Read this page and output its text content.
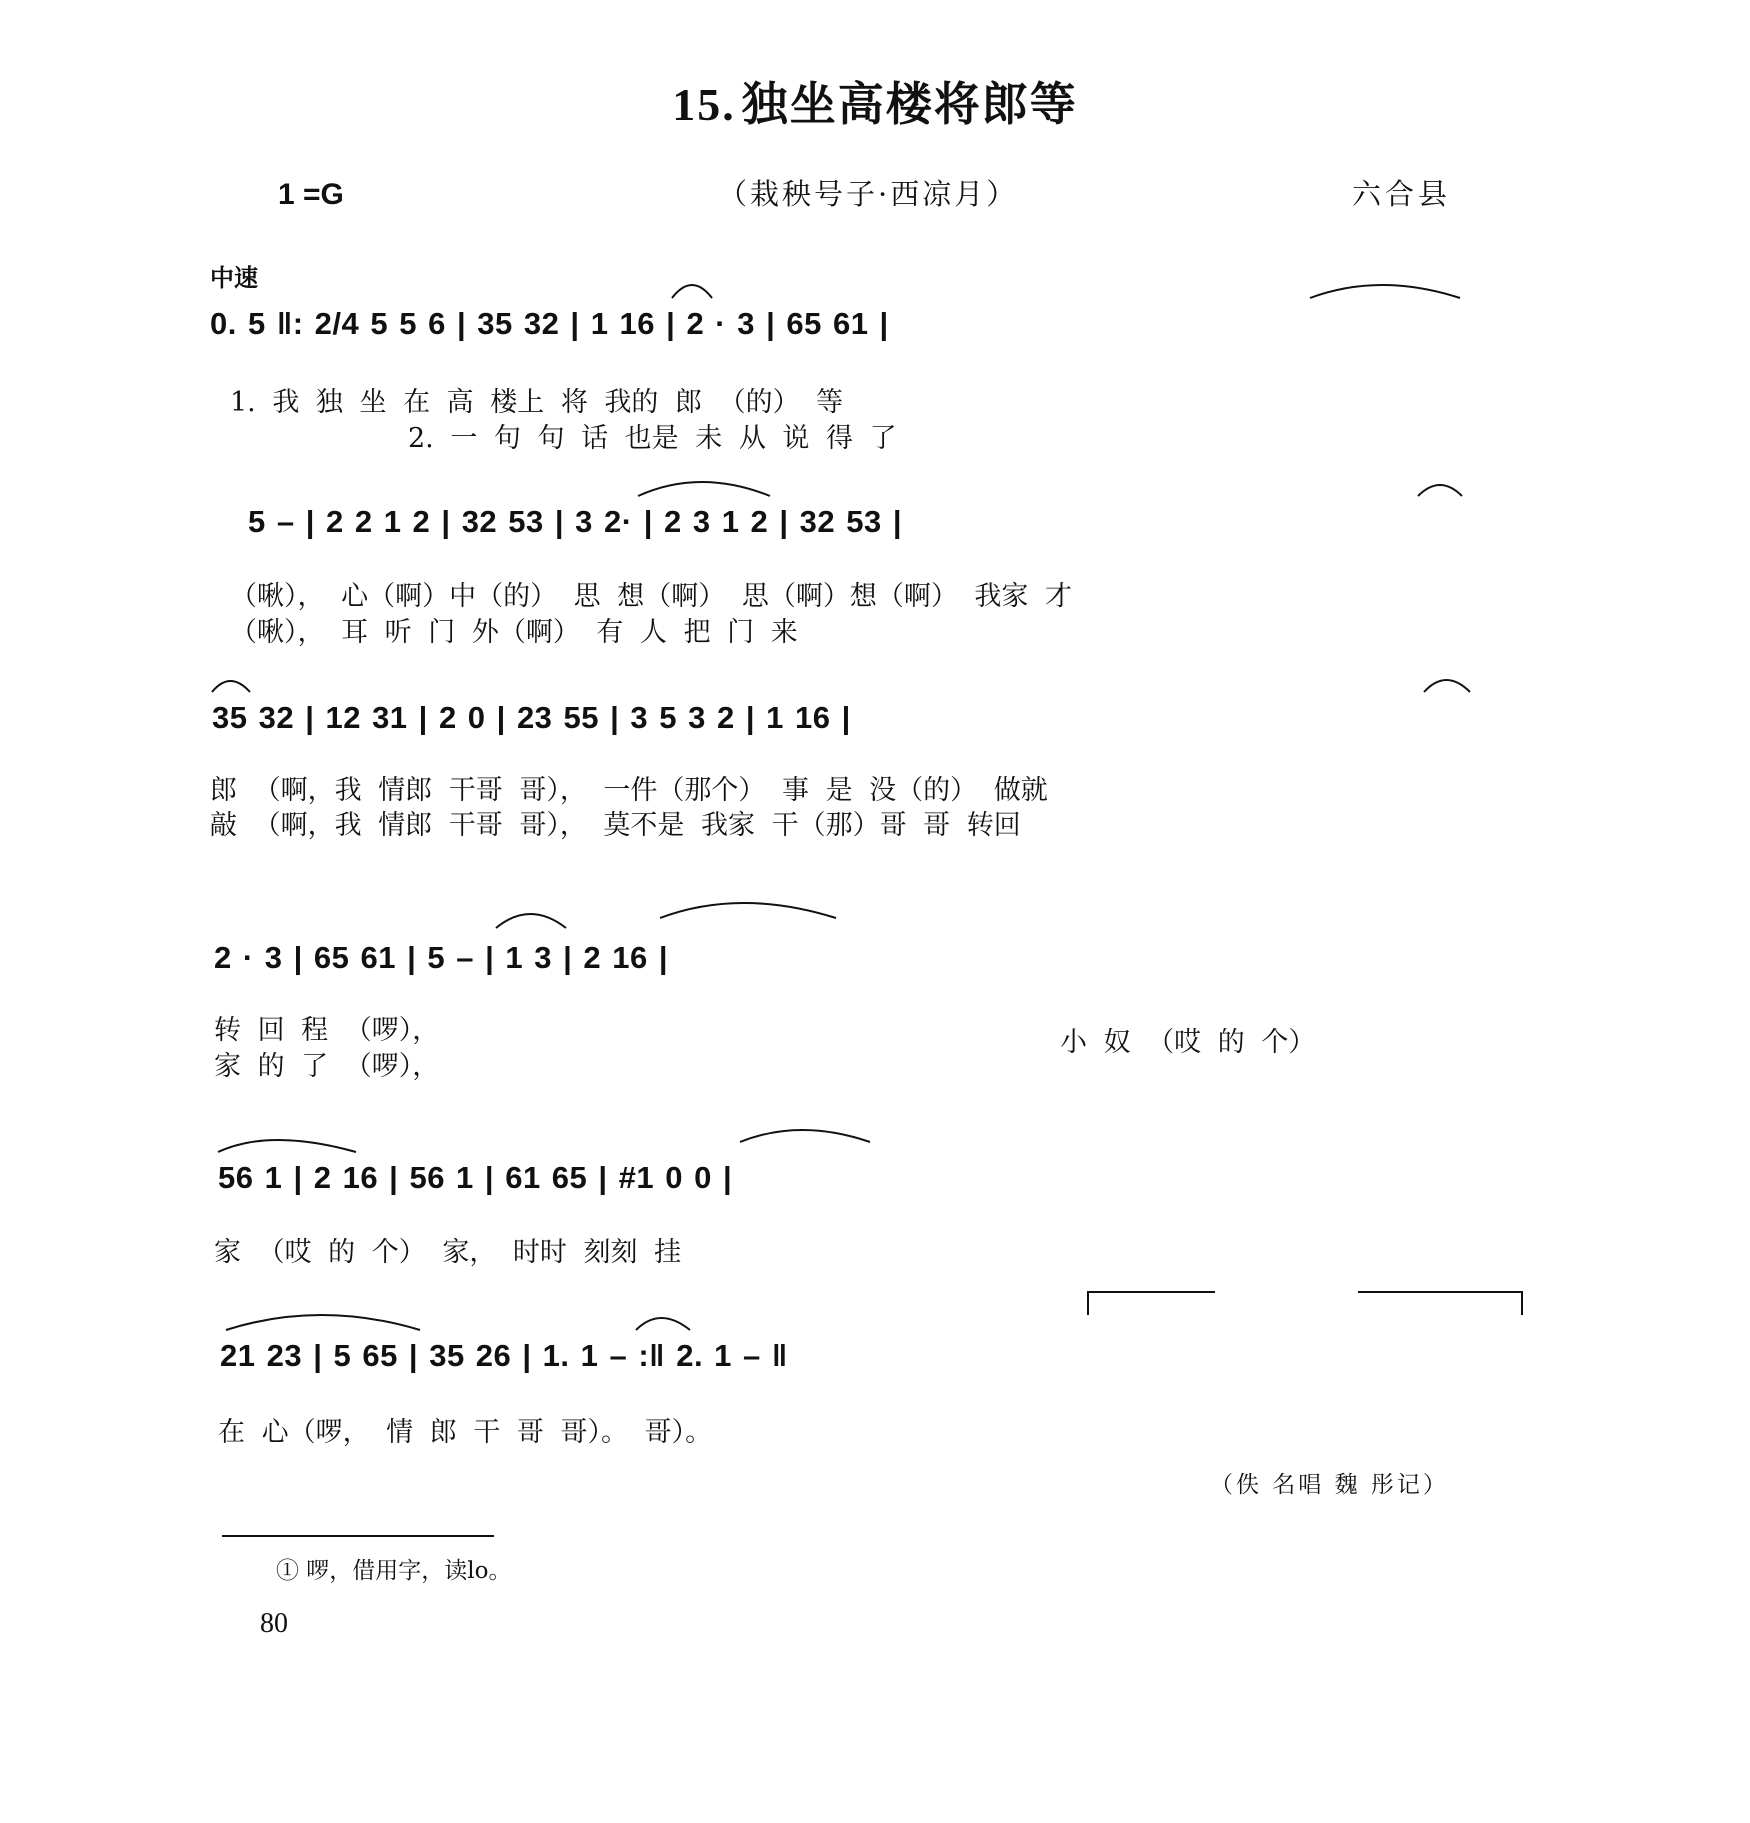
15. 独坐高楼将郎等
1 =G	（栽秧号子·西凉月）	六合县
中速
0. 5 ‖: 2/4 5 5 6 | 35 32 | 1 16 | 2 · 3 | 65 61 |
1. 我 独 坐 在 高 楼上 将 我的 郎 （的） 等
2. 一 句 句 话 也是 未 从 说 得 了
5 – | 2 2 1 2 | 32 53 | 3 2· | 2 3 1 2 | 32 53 |
（啾）， 心（啊）中（的） 思 想（啊） 思（啊）想（啊） 我家 才
（啾）， 耳 听 门 外（啊） 有 人 把 门 来
35 32 | 12 31 | 2 0 | 23 55 | 3 5 3 2 | 1 16 |
郎 （啊，我 情郎 干哥 哥）， 一件（那个） 事 是 没（的） 做就
敲 （啊，我 情郎 干哥 哥）， 莫不是 我家 干（那）哥 哥 转回
2 · 3 | 65 61 | 5 – | 1 3 | 2 16 |
转 回 程 （啰），
家 的 了 （啰），
小 奴 （哎 的 个）
56 1 | 2 16 | 56 1 | 61 65 | #1 0 0 |
家 （哎 的 个） 家， 时时 刻刻 挂
21 23 | 5 65 | 35 26 | 1. 1 – :‖ 2. 1 – ‖
在 心（啰， 情 郎 干 哥 哥）。 哥）。
（佚 名唱 魏 彤记）
① 啰，借用字，读lo。
80
